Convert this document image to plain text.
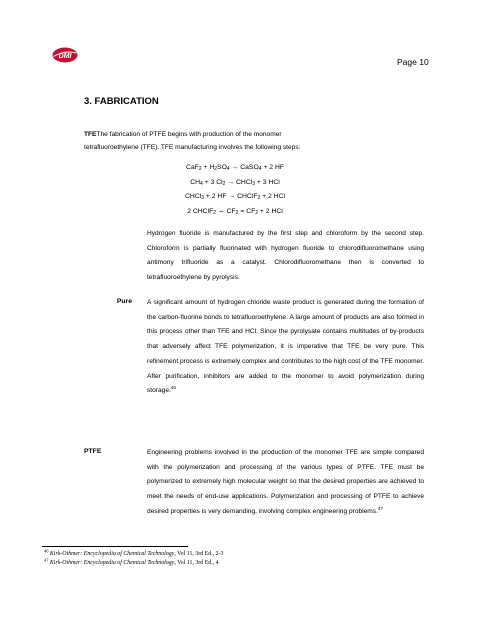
DMI
Page 10
3. FABRICATION
TFEThe fabrication of PTFE begins with production of the monomer
tetrafluoroethylene (TFE). TFE manufacturing involves the following steps:
$CaF_2 + H_2SO_4$ → CaSO$_4$ + 2 HF
$CH_4 + 3$ $Cl_2$ → CHCl$_3$ + 3 HCl
CHCl$_3$ + 2 HF → CHClF$_2$ + 2 HCl
2 CHClF$_2$ ⇔ $CF_2 = CF_2 + 2$ HCl
Hydrogen fluoride is manufactured by the first step and chloroform by the second step. Chloroform is partially fluorinated with hydrogen fluoride to chlorodifluoromethane using antimony trifluoride as a catalyst. Chlorodifluoromethane then is converted to tetrafluoroethylene by pyrolysis.
Pure A significant amount of hydrogen chloride waste product is generated during the formation of the carbon-fluorine bonds to tetrafluoroethylene. A large amount of products are also formed in this process other than TFE and HCl. Since the pyrolysate contains multitudes of by-products that adversely affect TFE polymerization, it is imperative that TFE be very pure. This refinement process is extremely complex and contributes to the high cost of the TFE monomer. After purification, inhibitors are added to the monomer to avoid polymerization during storage.$^{46}$
PTFE	Engineering problems involved in the production of the monomer TFE are simple compared with the polymerization and processing of the various types of PTFE. TFE must be polymerized to extremely high molecular weight so that the desired properties are achieved to meet the needs of end-use applications. Polymerization and processing of PTFE to achieve desired properties is very demanding, involving complex engineering problems.$^{47}$
$^{46}$ Kirk-Othmer: Encyclopedia of Chemical Technology, Vol 11, 3rd Ed., 2-3
$^{47}$ Kirk-Othmer: Encyclopedia of Chemical Technology, Vol 11, 3rd Ed., 4
